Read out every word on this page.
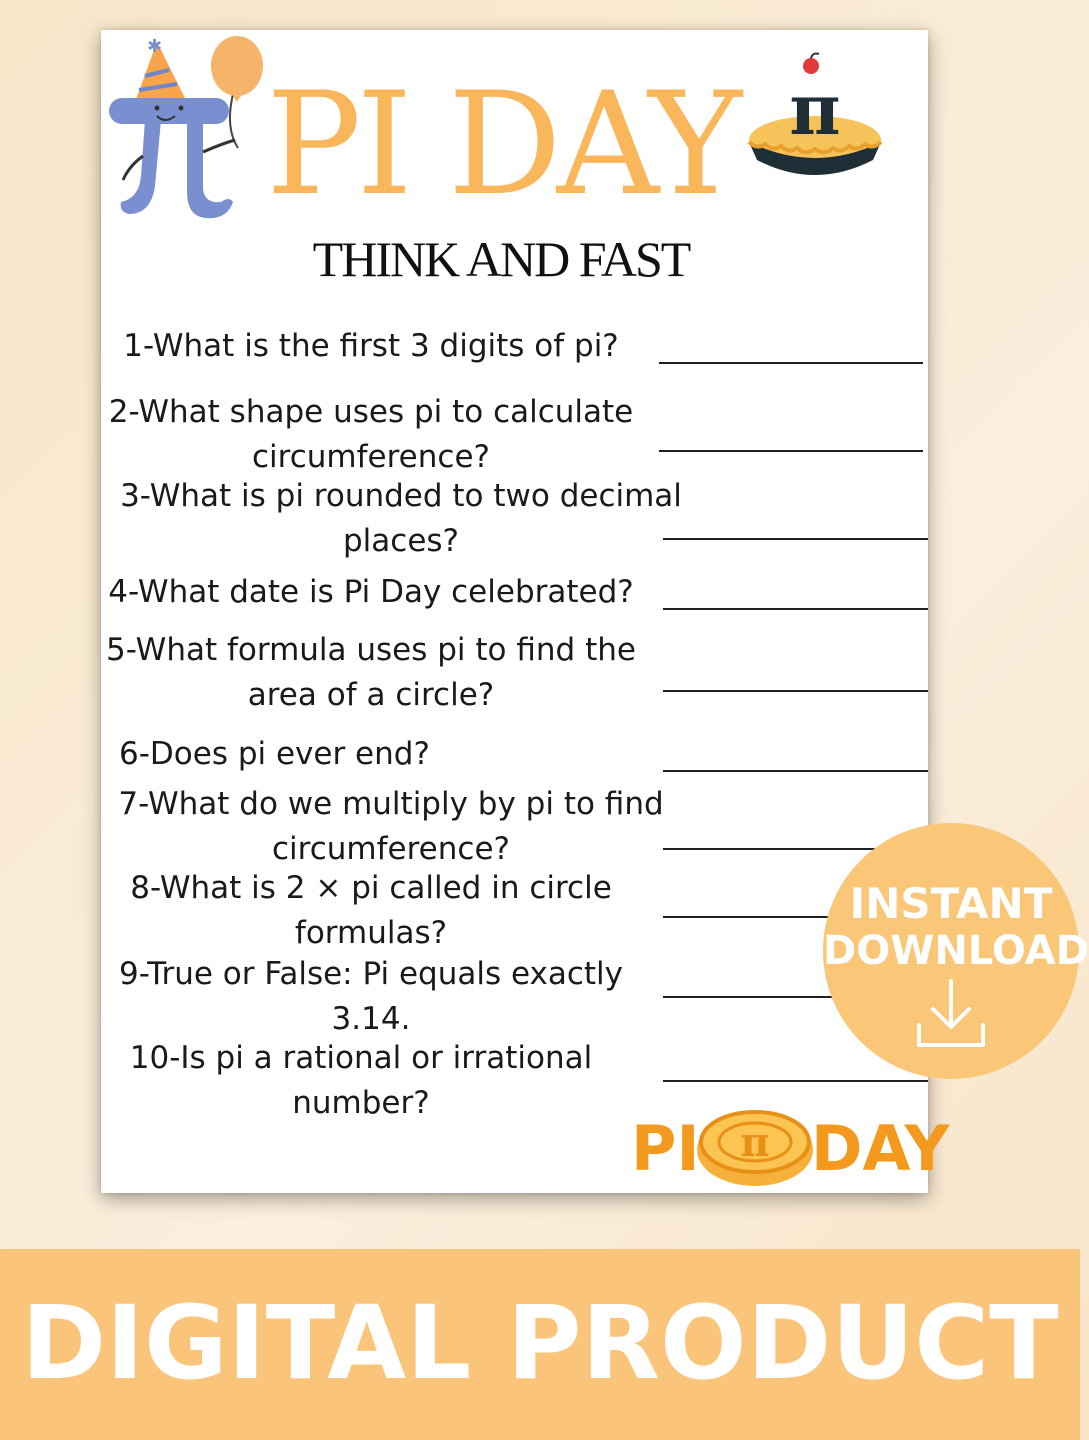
✱
PI DAY π
THINK AND FAST

1-What is the first 3 digits of pi?

2-What shape uses pi to calculate
circumference?

3-What is pi rounded to two decimal
places?

4-What date is Pi Day celebrated?

5-What formula uses pi to find the
area of a circle?

6-Does pi ever end?

7-What do we multiply by pi to find
circumference?

8-What is 2 × pi called in circle
formulas?

9-True or False: Pi equals exactly
3.14.

10-Is pi a rational or irrational
number?

PI π DAY
INSTANT
DOWNLOAD

DIGITAL PRODUCT
